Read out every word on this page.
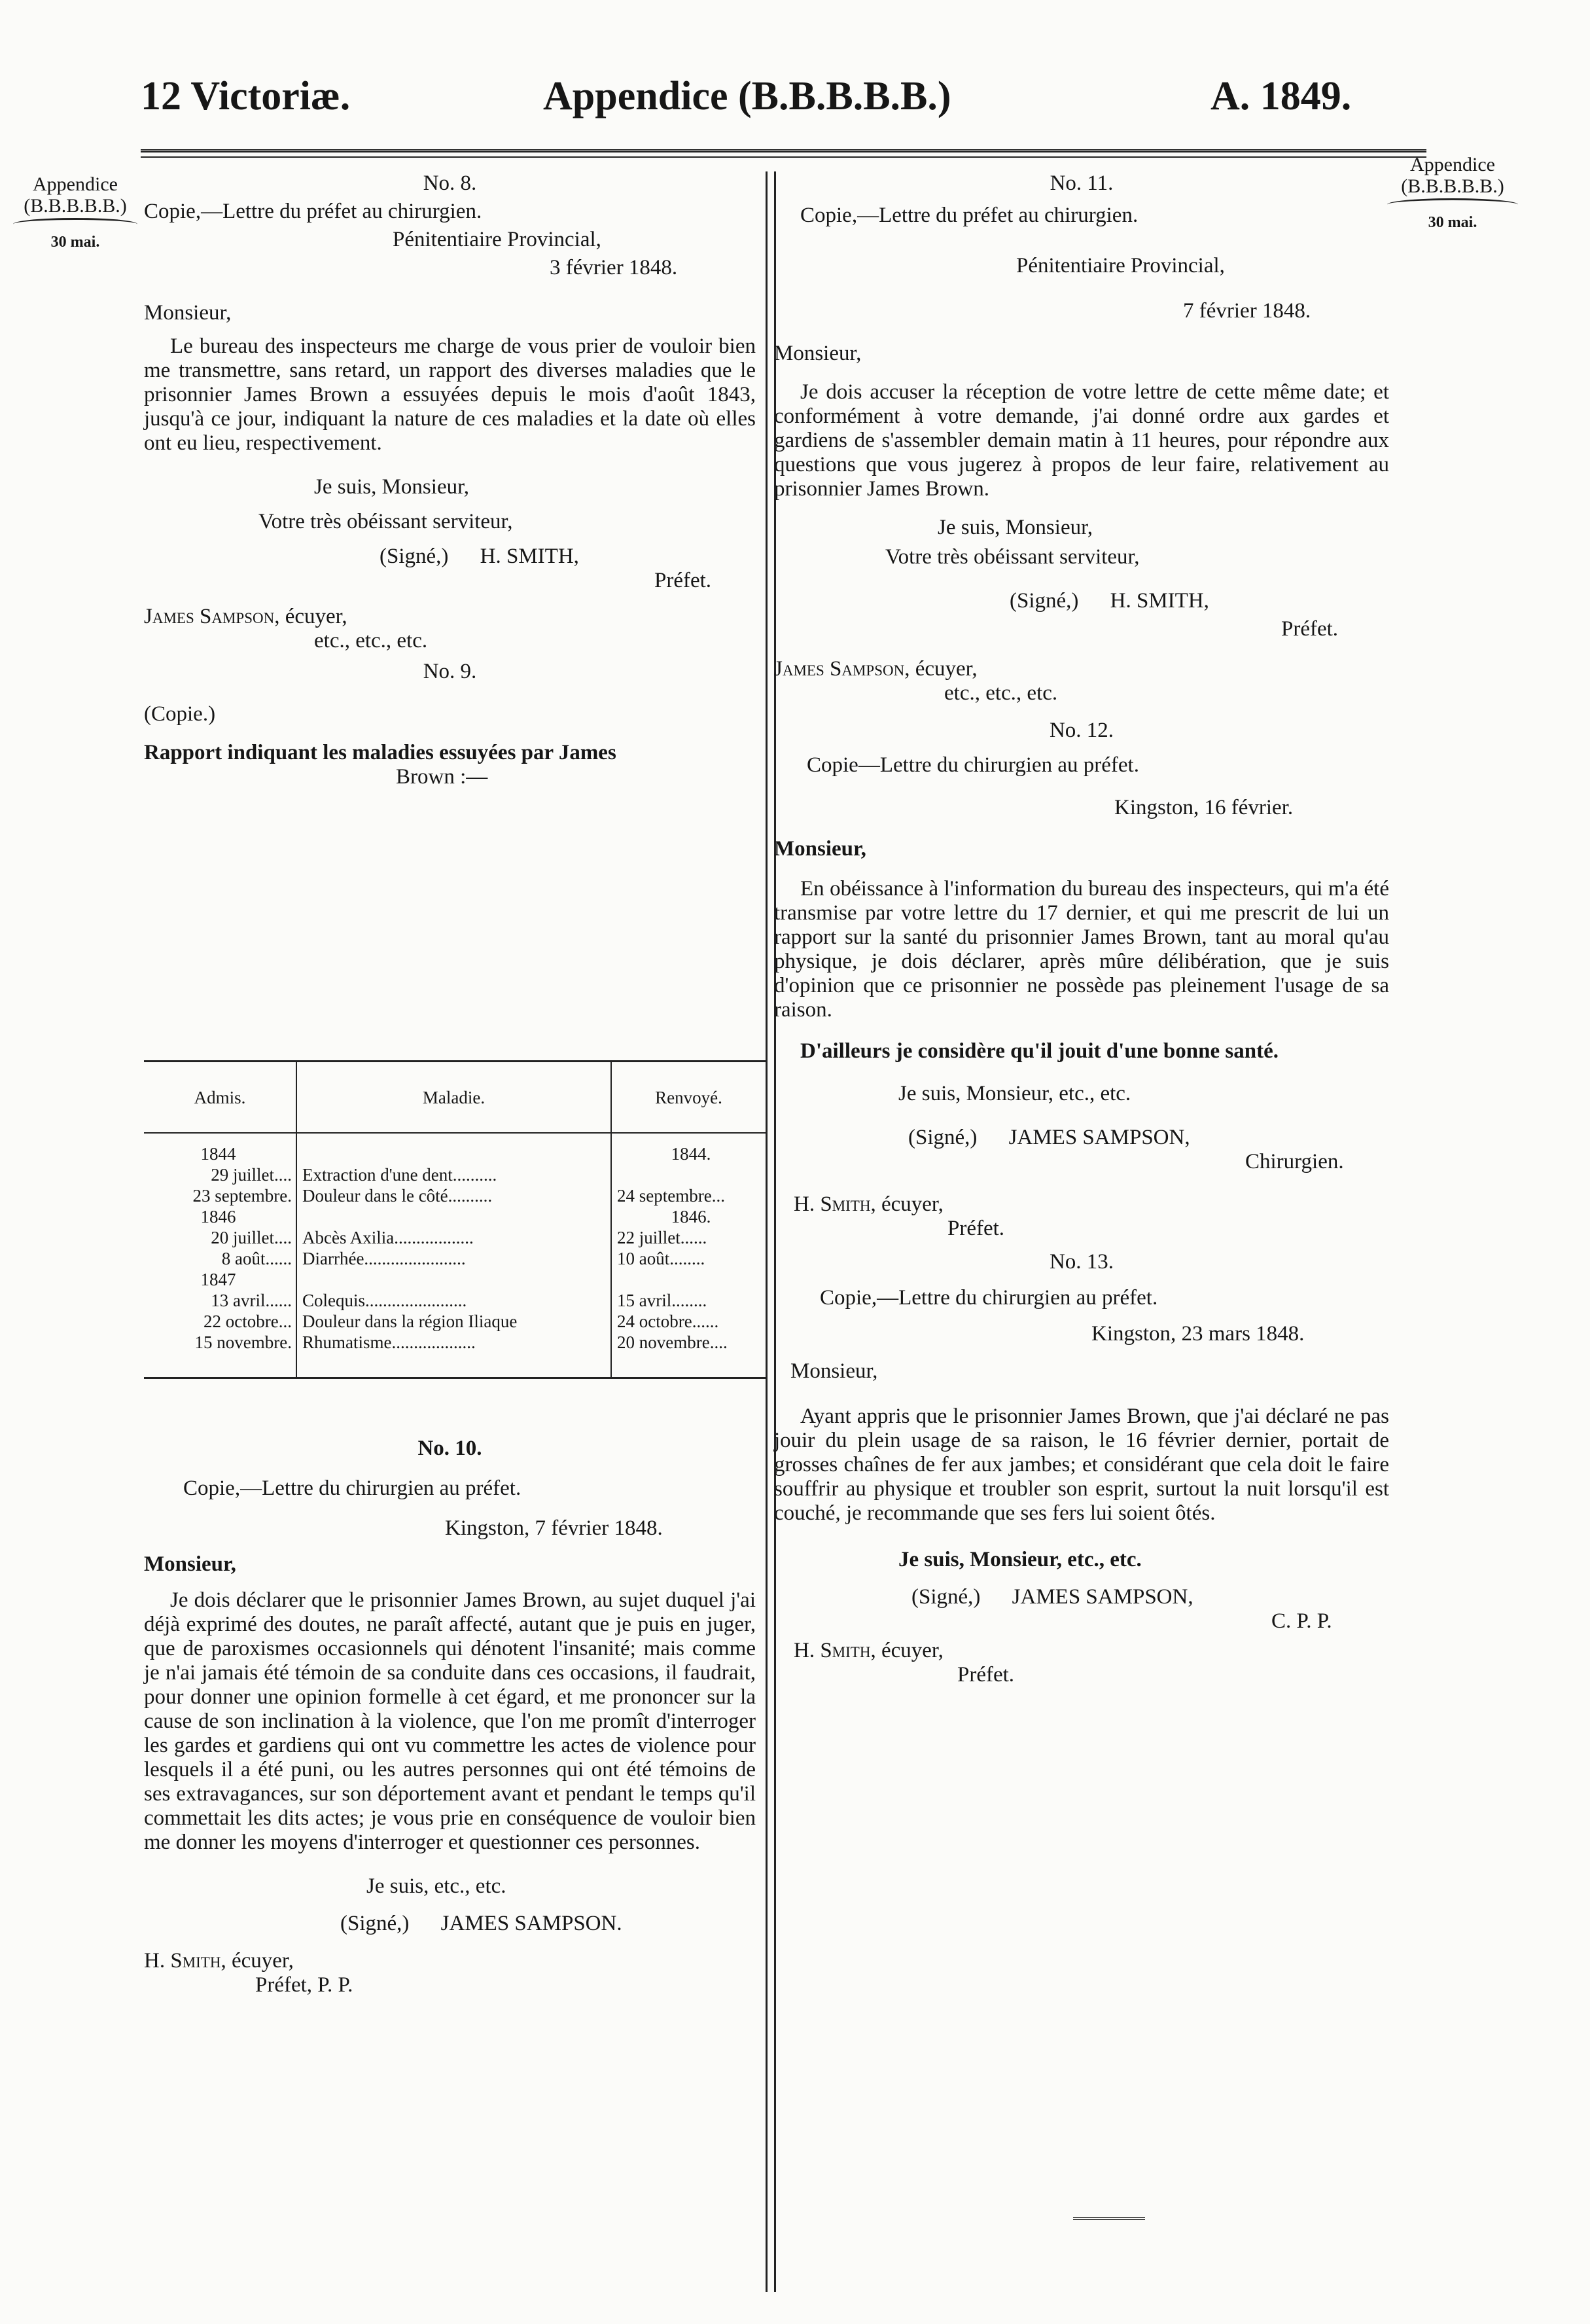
12 Victoriæ.	Appendice (B.B.B.B.B.)	A. 1849.
Appendice
(B.B.B.B.B.)
30 mai.
Appendice
(B.B.B.B.B.)
30 mai.
No. 8.
Copie,—Lettre du préfet au chirurgien.
Pénitentiaire Provincial,
3 février 1848.
Monsieur,

Le bureau des inspecteurs me charge de vous prier de vouloir bien me transmettre, sans retard, un rapport des diverses maladies que le prisonnier James Brown a essuyées depuis le mois d'août 1843, jusqu'à ce jour, indiquant la nature de ces maladies et la date où elles ont eu lieu, respectivement.

Je suis, Monsieur,
Votre très obéissant serviteur,
(Signé,) H. SMITH,
Préfet.
James Sampson, écuyer,
etc., etc., etc.
No. 9.
(Copie.)
Rapport indiquant les maladies essuyées par James
Brown :—
Admis.	Maladie.	Renvoyé.
1844		1844.
29 juillet....	Extraction d'une dent..........	
23 septembre.	Douleur dans le côté..........	24 septembre...
1846		1846.
20 juillet....	Abcès Axilia..................	22 juillet......
8 août......	Diarrhée.......................	10 août........
1847		
13 avril......	Colequis.......................	15 avril........
22 octobre...	Douleur dans la région Iliaque	24 octobre......
15 novembre.	Rhumatisme...................	20 novembre....
No. 10.
Copie,—Lettre du chirurgien au préfet.
Kingston, 7 février 1848.
Monsieur,

Je dois déclarer que le prisonnier James Brown, au sujet duquel j'ai déjà exprimé des doutes, ne paraît affecté, autant que je puis en juger, que de paroxismes occasionnels qui dénotent l'insanité; mais comme je n'ai jamais été témoin de sa conduite dans ces occasions, il faudrait, pour donner une opinion formelle à cet égard, et me prononcer sur la cause de son inclination à la violence, que l'on me promît d'interroger les gardes et gardiens qui ont vu commettre les actes de violence pour lesquels il a été puni, ou les autres personnes qui ont été témoins de ses extravagances, sur son déportement avant et pendant le temps qu'il commettait les dits actes; je vous prie en conséquence de vouloir bien me donner les moyens d'interroger et questionner ces personnes.

Je suis, etc., etc.
(Signé,) JAMES SAMPSON.
H. Smith, écuyer,
Préfet, P. P.
No. 11.
Copie,—Lettre du préfet au chirurgien.
Pénitentiaire Provincial,
7 février 1848.
Monsieur,

Je dois accuser la réception de votre lettre de cette même date; et conformément à votre demande, j'ai donné ordre aux gardes et gardiens de s'assembler demain matin à 11 heures, pour répondre aux questions que vous jugerez à propos de leur faire, relativement au prisonnier James Brown.

Je suis, Monsieur,
Votre très obéissant serviteur,
(Signé,) H. SMITH,
Préfet.
James Sampson, écuyer,
etc., etc., etc.
No. 12.
Copie—Lettre du chirurgien au préfet.
Kingston, 16 février.
Monsieur,

En obéissance à l'information du bureau des inspecteurs, qui m'a été transmise par votre lettre du 17 dernier, et qui me prescrit de lui un rapport sur la santé du prisonnier James Brown, tant au moral qu'au physique, je dois déclarer, après mûre délibération, que je suis d'opinion que ce prisonnier ne possède pas pleinement l'usage de sa raison.

D'ailleurs je considère qu'il jouit d'une bonne santé.

Je suis, Monsieur, etc., etc.
(Signé,) JAMES SAMPSON,
Chirurgien.
H. Smith, écuyer,
Préfet.
No. 13.
Copie,—Lettre du chirurgien au préfet.
Kingston, 23 mars 1848.
Monsieur,

Ayant appris que le prisonnier James Brown, que j'ai déclaré ne pas jouir du plein usage de sa raison, le 16 février dernier, portait de grosses chaînes de fer aux jambes; et considérant que cela doit le faire souffrir au physique et troubler son esprit, surtout la nuit lorsqu'il est couché, je recommande que ses fers lui soient ôtés.

Je suis, Monsieur, etc., etc.
(Signé,) JAMES SAMPSON,
C. P. P.
H. Smith, écuyer,
Préfet.
